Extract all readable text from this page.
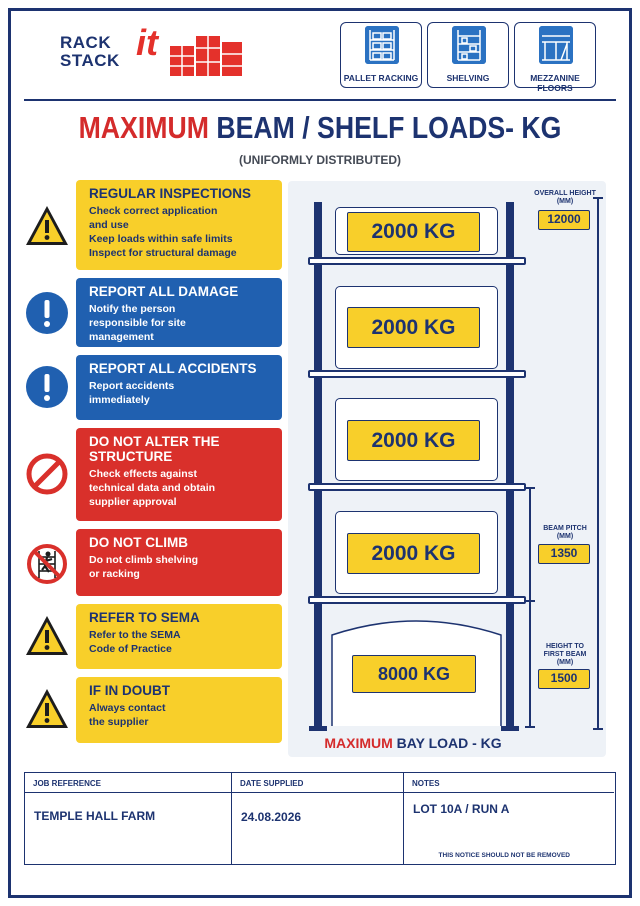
RACK
STACK it
PALLET RACKING	SHELVING	MEZZANINE FLOORS
MAXIMUM BEAM / SHELF LOADS- KG
(UNIFORMLY DISTRIBUTED)
REGULAR INSPECTIONS
Check correct application
and use
Keep loads within safe limits
Inspect for structural damage
REPORT ALL DAMAGE
Notify the person
responsible for site
management
REPORT ALL ACCIDENTS
Report accidents
immediately
DO NOT ALTER THE
STRUCTURE
Check effects against
technical data and obtain
supplier approval
DO NOT CLIMB
Do not climb shelving
or racking
REFER TO SEMA
Refer to the SEMA
Code of Practice
IF IN DOUBT
Always contact
the supplier
2000 KG
2000 KG
2000 KG
2000 KG
8000 KG
OVERALL HEIGHT
(MM)
12000
BEAM PITCH
(MM)
1350
HEIGHT TO
FIRST BEAM
(MM)
1500
MAXIMUM BAY LOAD - KG
JOB REFERENCE
TEMPLE HALL FARM
DATE SUPPLIED
24.08.2026
NOTES
LOT 10A / RUN A
THIS NOTICE SHOULD NOT BE REMOVED
